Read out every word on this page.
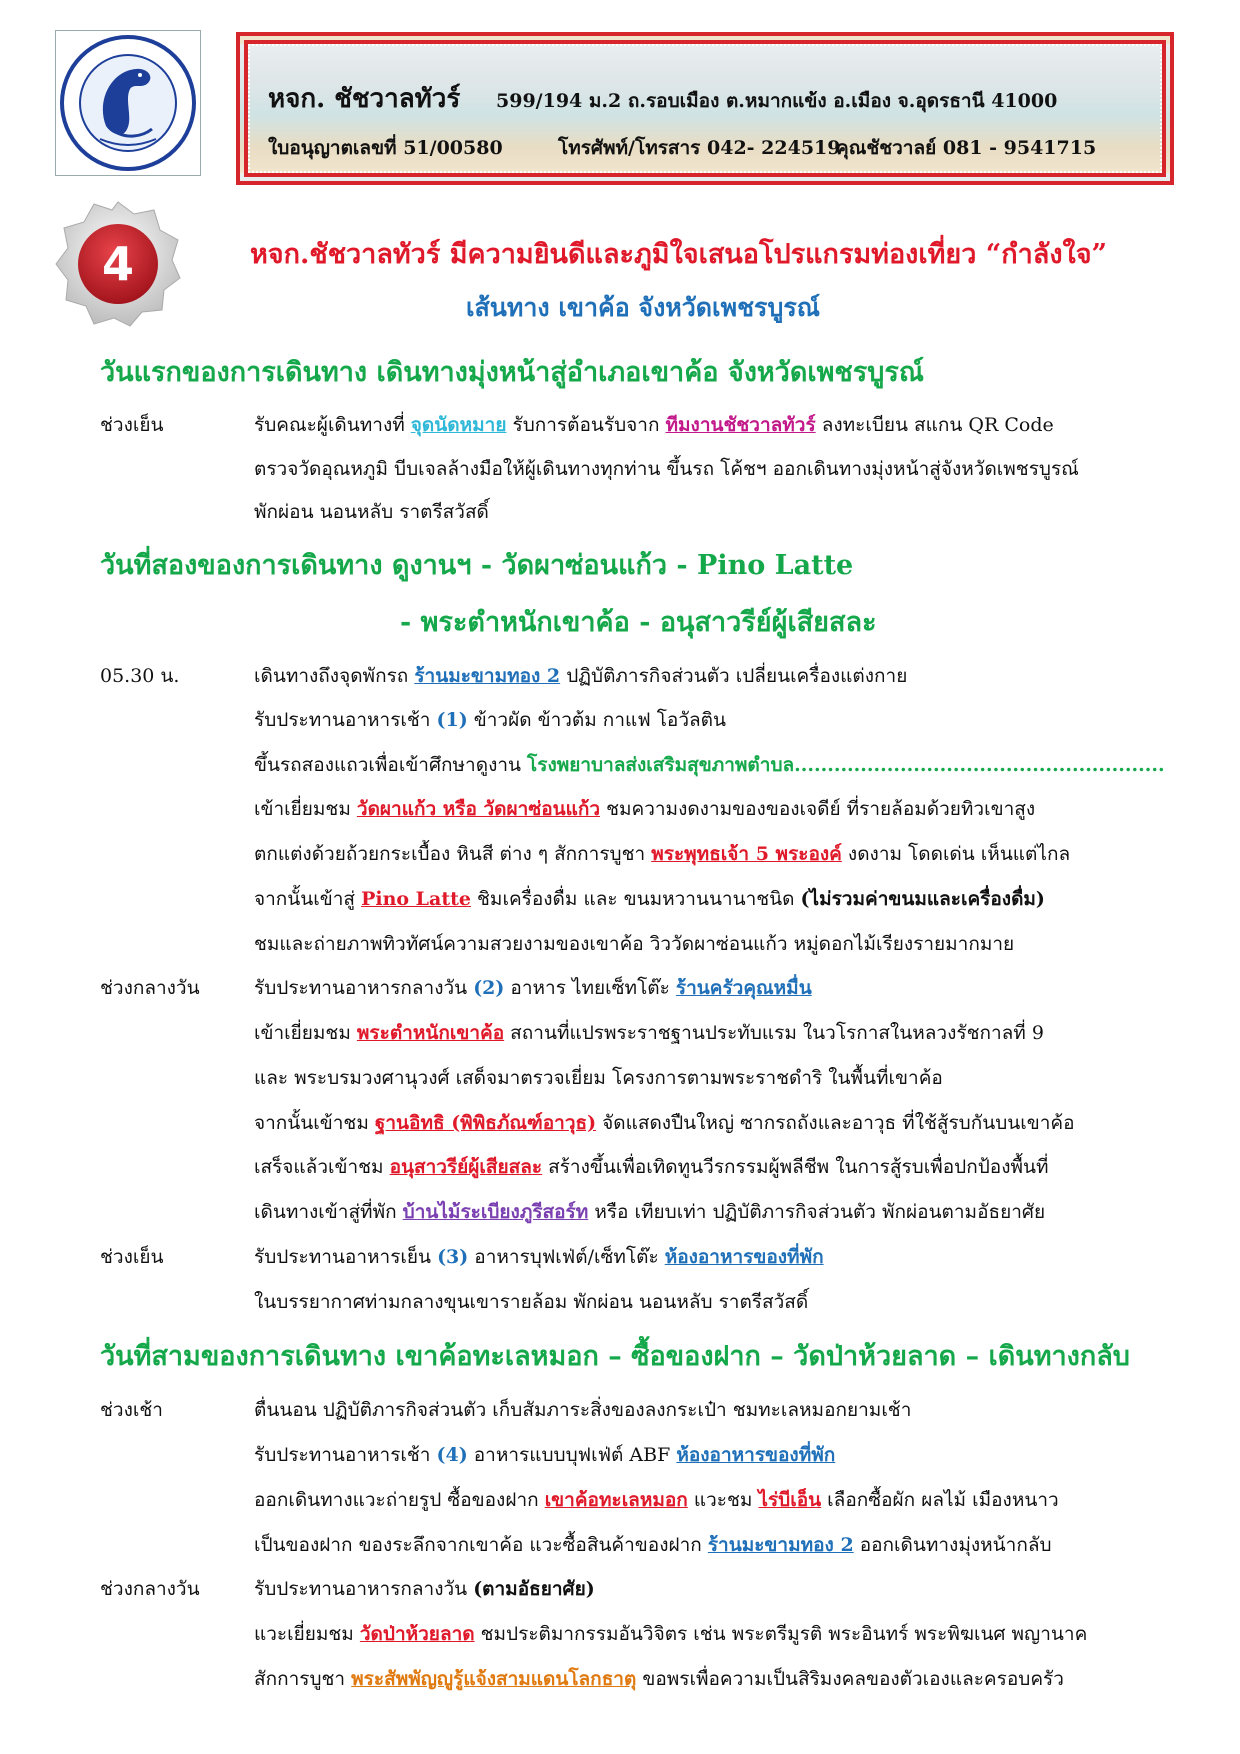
หจก. ชัชวาลทัวร์ 599/194 ม.2 ถ.รอบเมือง ต.หมากแข้ง อ.เมือง จ.อุดรธานี 41000
ใบอนุญาตเลขที่ 51/00580	โทรศัพท์/โทรสาร 042- 224519
คุณชัชวาลย์ 081 - 9541715
4	หจก.ชัชวาลทัวร์ มีความยินดีและภูมิใจเสนอโปรแกรมท่องเที่ยว “กำลังใจ”
เส้นทาง เขาค้อ จังหวัดเพชรบูรณ์
วันแรกของการเดินทาง เดินทางมุ่งหน้าสู่อำเภอเขาค้อ จังหวัดเพชรบูรณ์
ช่วงเย็น	รับคณะผู้เดินทางที่ จุดนัดหมาย รับการต้อนรับจาก ทีมงานชัชวาลทัวร์ ลงทะเบียน สแกน QR Code
ตรวจวัดอุณหภูมิ บีบเจลล้างมือให้ผู้เดินทางทุกท่าน ขึ้นรถ โค้ชฯ ออกเดินทางมุ่งหน้าสู่จังหวัดเพชรบูรณ์
พักผ่อน นอนหลับ ราตรีสวัสดิ์
วันที่สองของการเดินทาง ดูงานฯ - วัดผาซ่อนแก้ว - Pino Latte
- พระตำหนักเขาค้อ - อนุสาวรีย์ผู้เสียสละ
05.30 น.	เดินทางถึงจุดพักรถ ร้านมะขามทอง 2 ปฏิบัติภารกิจส่วนตัว เปลี่ยนเครื่องแต่งกาย
รับประทานอาหารเช้า (1) ข้าวผัด ข้าวต้ม กาแฟ โอวัลติน
ขึ้นรถสองแถวเพื่อเข้าศึกษาดูงาน โรงพยาบาลส่งเสริมสุขภาพตำบล........................................................
เข้าเยี่ยมชม วัดผาแก้ว หรือ วัดผาซ่อนแก้ว ชมความงดงามของของเจดีย์ ที่รายล้อมด้วยทิวเขาสูง
ตกแต่งด้วยถ้วยกระเบื้อง หินสี ต่าง ๆ สักการบูชา พระพุทธเจ้า 5 พระองค์ งดงาม โดดเด่น เห็นแต่ไกล
จากนั้นเข้าสู่ Pino Latte ชิมเครื่องดื่ม และ ขนมหวานนานาชนิด (ไม่รวมค่าขนมและเครื่องดื่ม)
ชมและถ่ายภาพทิวทัศน์ความสวยงามของเขาค้อ วิววัดผาซ่อนแก้ว หมู่ดอกไม้เรียงรายมากมาย
ช่วงกลางวัน	รับประทานอาหารกลางวัน (2) อาหาร ไทยเซ็ทโต๊ะ ร้านครัวคุณหมื่น
เข้าเยี่ยมชม พระตำหนักเขาค้อ สถานที่แปรพระราชฐานประทับแรม ในวโรกาสในหลวงรัชกาลที่ 9
และ พระบรมวงศานุวงศ์ เสด็จมาตรวจเยี่ยม โครงการตามพระราชดำริ ในพื้นที่เขาค้อ
จากนั้นเข้าชม ฐานอิทธิ (พิพิธภัณฑ์อาวุธ) จัดแสดงปืนใหญ่ ซากรถถังและอาวุธ ที่ใช้สู้รบกันบนเขาค้อ
เสร็จแล้วเข้าชม อนุสาวรีย์ผู้เสียสละ สร้างขึ้นเพื่อเทิดทูนวีรกรรมผู้พลีชีพ ในการสู้รบเพื่อปกป้องพื้นที่
เดินทางเข้าสู่ที่พัก บ้านไม้ระเบียงภูรีสอร์ท หรือ เทียบเท่า ปฏิบัติภารกิจส่วนตัว พักผ่อนตามอัธยาศัย
ช่วงเย็น	รับประทานอาหารเย็น (3) อาหารบุฟเฟ่ต์/เซ็ทโต๊ะ ห้องอาหารของที่พัก
ในบรรยากาศท่ามกลางขุนเขารายล้อม พักผ่อน นอนหลับ ราตรีสวัสดิ์
วันที่สามของการเดินทาง เขาค้อทะเลหมอก – ซื้อของฝาก – วัดป่าห้วยลาด – เดินทางกลับ
ช่วงเช้า	ตื่นนอน ปฏิบัติภารกิจส่วนตัว เก็บสัมภาระสิ่งของลงกระเป๋า ชมทะเลหมอกยามเช้า
รับประทานอาหารเช้า (4) อาหารแบบบุฟเฟ่ต์ ABF ห้องอาหารของที่พัก
ออกเดินทางแวะถ่ายรูป ซื้อของฝาก เขาค้อทะเลหมอก แวะชม ไร่บีเอ็น เลือกซื้อผัก ผลไม้ เมืองหนาว
เป็นของฝาก ของระลึกจากเขาค้อ แวะซื้อสินค้าของฝาก ร้านมะขามทอง 2 ออกเดินทางมุ่งหน้ากลับ
ช่วงกลางวัน	รับประทานอาหารกลางวัน (ตามอัธยาศัย)
แวะเยี่ยมชม วัดป่าห้วยลาด ชมประติมากรรมอันวิจิตร เช่น พระตรีมูรติ พระอินทร์ พระพิฆเนศ พญานาค
สักการบูชา พระสัพพัญญูรู้แจ้งสามแดนโลกธาตุ ขอพรเพื่อความเป็นสิริมงคลของตัวเองและครอบครัว
